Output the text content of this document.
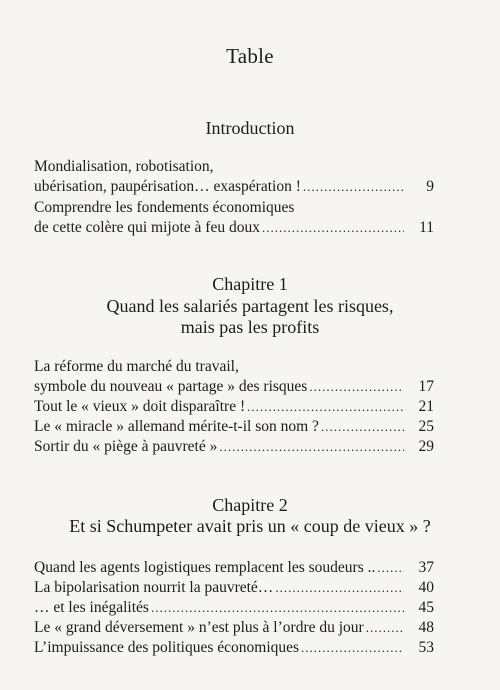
Table
Introduction
Mondialisation, robotisation,
ubérisation, paupérisation… exaspération ! .....	9
Comprendre les fondements économiques
de cette colère qui mijote à feu doux .....	11
Chapitre 1
Quand les salariés partagent les risques,
mais pas les profits
La réforme du marché du travail,
symbole du nouveau « partage » des risques .....	17
Tout le « vieux » doit disparaître ! .....	21
Le « miracle » allemand mérite-t-il son nom ? .....	25
Sortir du « piège à pauvreté » .....	29
Chapitre 2
Et si Schumpeter avait pris un « coup de vieux » ?
Quand les agents logistiques remplacent les soudeurs .. .....	37
La bipolarisation nourrit la pauvreté… .....	40
… et les inégalités .....	45
Le « grand déversement » n’est plus à l’ordre du jour .....	48
L’impuissance des politiques économiques .....	53
